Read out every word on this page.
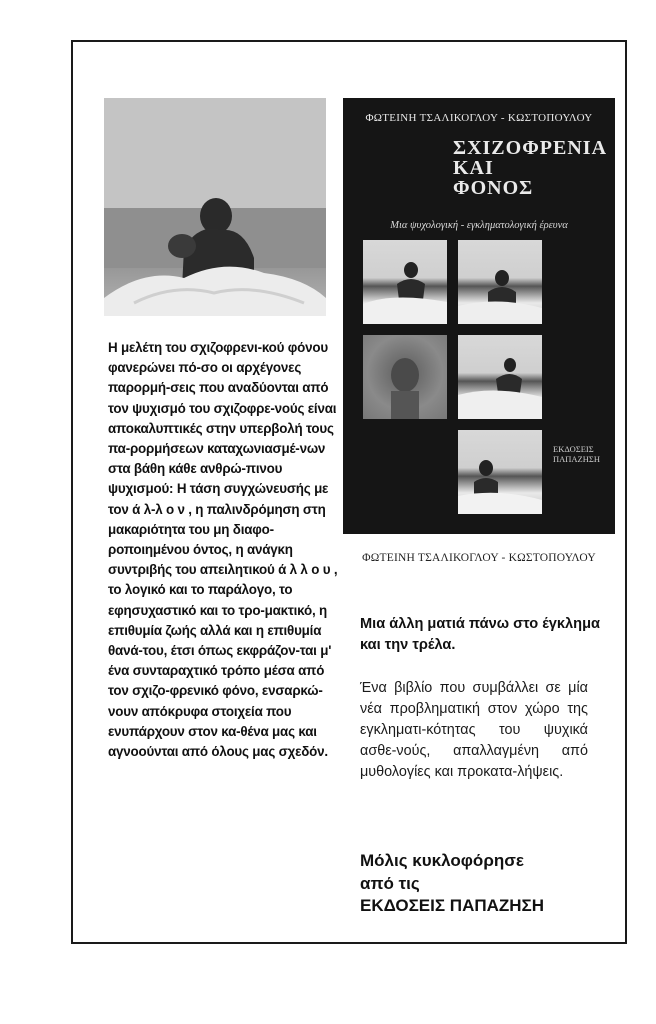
Η μελέτη του σχιζοφρενι-κού φόνου φανερώνει πό-σο οι αρχέγονες παρορμή-σεις που αναδύονται από τον ψυχισμό του σχιζοφρε-νούς είναι αποκαλυπτικές στην υπερβολή τους πα-ρορμήσεων καταχωνιασμέ-νων στα βάθη κάθε ανθρώ-πινου ψυχισμού: Η τάση συγχώνευσής με τον ά λ-λ ο ν , η παλινδρόμηση στη μακαριότητα του μη διαφο-ροποιημένου όντος, η ανάγκη συντριβής του απειλητικού ά λ λ ο υ , το λογικό και το παράλογο, το εφησυχαστικό και το τρο-μακτικό, η επιθυμία ζωής αλλά και η επιθυμία θανά-του, έτσι όπως εκφράζον-ται μ' ένα συνταραχτικό τρόπο μέσα από τον σχιζο-φρενικό φόνο, ενσαρκώ-νουν απόκρυφα στοιχεία που ενυπάρχουν στον κα-θένα μας και αγνοούνται από όλους μας σχεδόν.

ΦΩΤΕΙΝΗ ΤΣΑΛΙΚΟΓΛΟΥ - ΚΩΣΤΟΠΟΥΛΟΥ

ΣΧΙΖΟΦΡΕΝΙΑ
ΚΑΙ
ΦΟΝΟΣ

Μια ψυχολογική - εγκληματολογική έρευνα
ΕΚΔΟΣΕΙΣ
ΠΑΠΑΖΗΣΗ
ΦΩΤΕΙΝΗ ΤΣΑΛΙΚΟΓΛΟΥ - ΚΩΣΤΟΠΟΥΛΟΥ

Μια άλλη ματιά πάνω στο έγκλημα και την τρέλα.

Ένα βιβλίο που συμβάλλει σε μία νέα προβληματική στον χώρο της εγκληματι-κότητας του ψυχικά ασθε-νούς, απαλλαγμένη από μυθολογίες και προκατα-λήψεις.

Μόλις κυκλοφόρησε
από τις
ΕΚΔΟΣΕΙΣ ΠΑΠΑΖΗΣΗ
